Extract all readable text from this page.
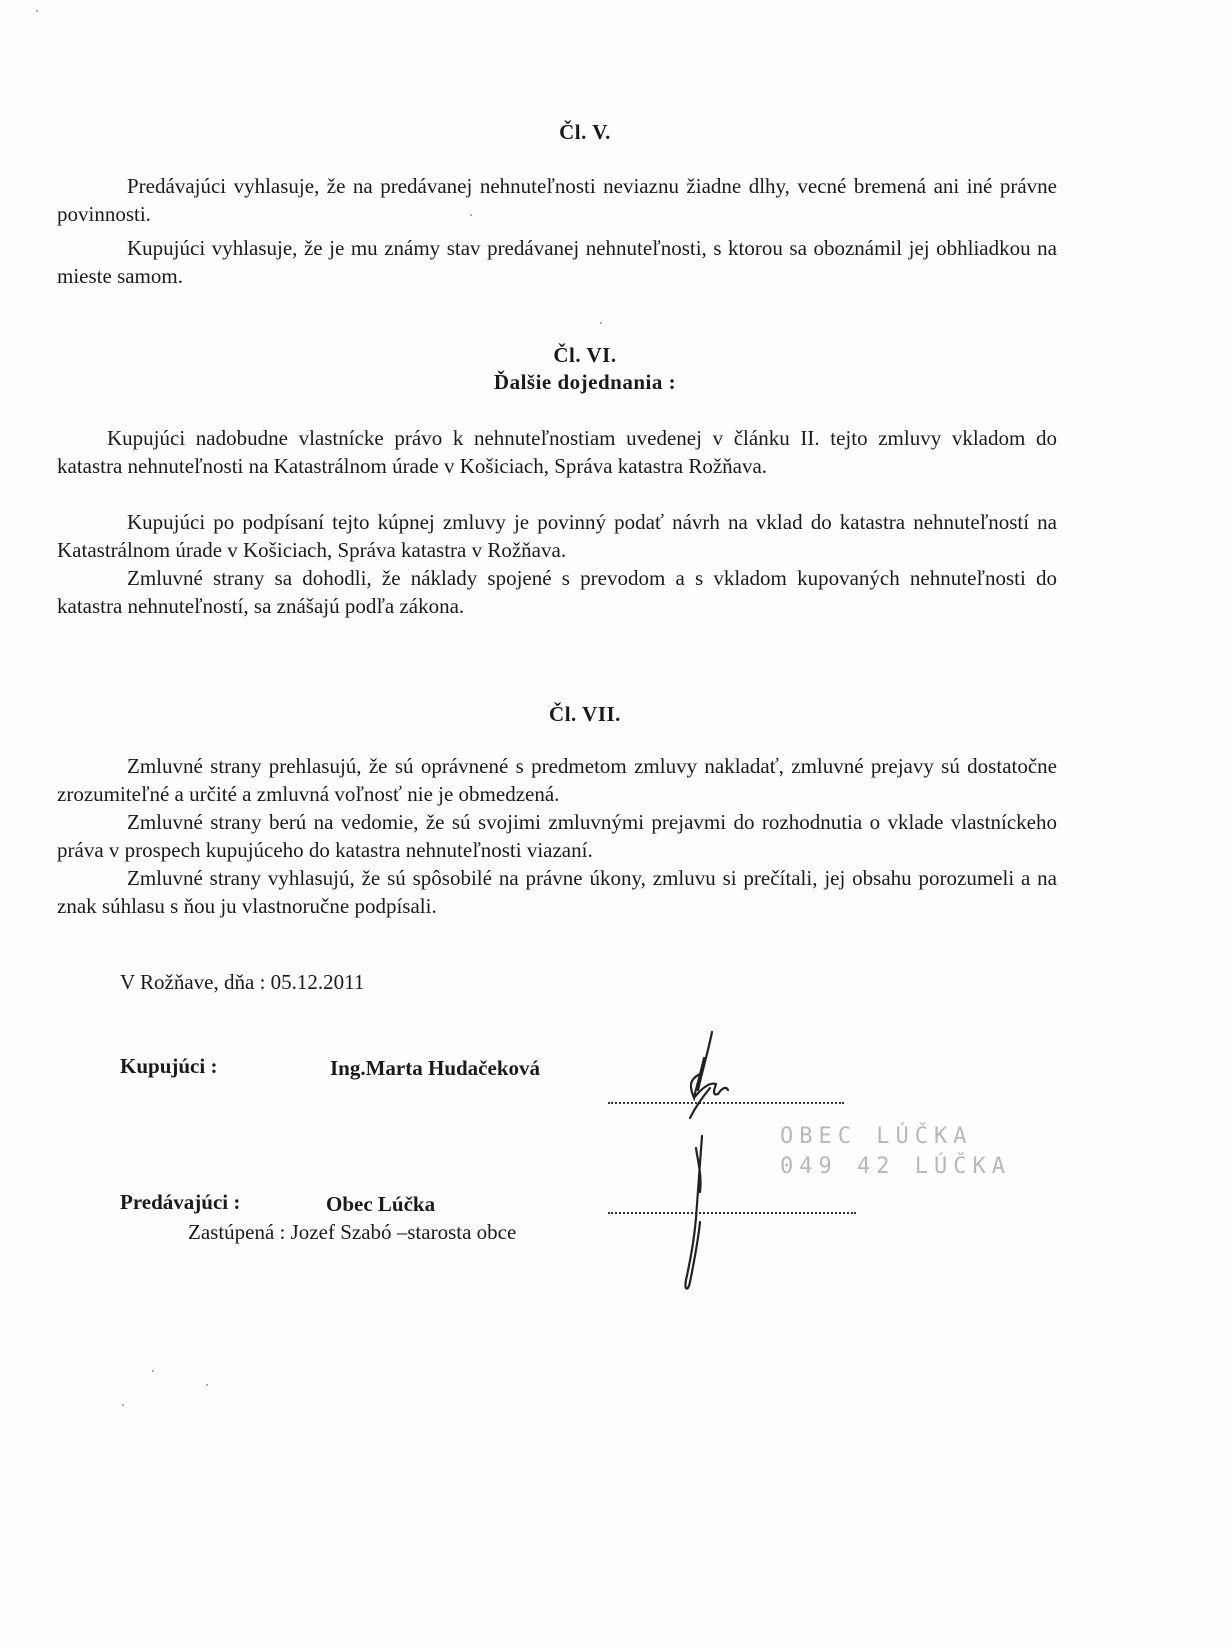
Čl. V.

Predávajúci vyhlasuje, že na predávanej nehnuteľnosti neviaznu žiadne dlhy, vecné bremená ani iné právne povinnosti.

Kupujúci vyhlasuje, že je mu známy stav predávanej nehnuteľnosti, s ktorou sa oboznámil jej obhliadkou na mieste samom.

Čl. VI.
Ďalšie dojednania :

Kupujúci nadobudne vlastnícke právo k nehnuteľnostiam uvedenej v článku II. tejto zmluvy vkladom do katastra nehnuteľnosti na Katastrálnom úrade v Košiciach, Správa katastra Rožňava.

Kupujúci po podpísaní tejto kúpnej zmluvy je povinný podať návrh na vklad do katastra nehnuteľností na Katastrálnom úrade v Košiciach, Správa katastra v Rožňava.

Zmluvné strany sa dohodli, že náklady spojené s prevodom a s vkladom kupovaných nehnuteľnosti do katastra nehnuteľností, sa znášajú podľa zákona.

Čl. VII.

Zmluvné strany prehlasujú, že sú oprávnené s predmetom zmluvy nakladať, zmluvné prejavy sú dostatočne zrozumiteľné a určité a zmluvná voľnosť nie je obmedzená.

Zmluvné strany berú na vedomie, že sú svojimi zmluvnými prejavmi do rozhodnutia o vklade vlastníckeho práva v prospech kupujúceho do katastra nehnuteľnosti viazaní.

Zmluvné strany vyhlasujú, že sú spôsobilé na právne úkony, zmluvu si prečítali, jej obsahu porozumeli a na znak súhlasu s ňou ju vlastnoručne podpísali.

V Rožňave, dňa : 05.12.2011
Kupujúci :	Ing.Marta Hudačeková
OBEC LÚČKA
049 42 LÚČKA
Predávajúci :	Obec Lúčka
Zastúpená : Jozef Szabó –starosta obce
